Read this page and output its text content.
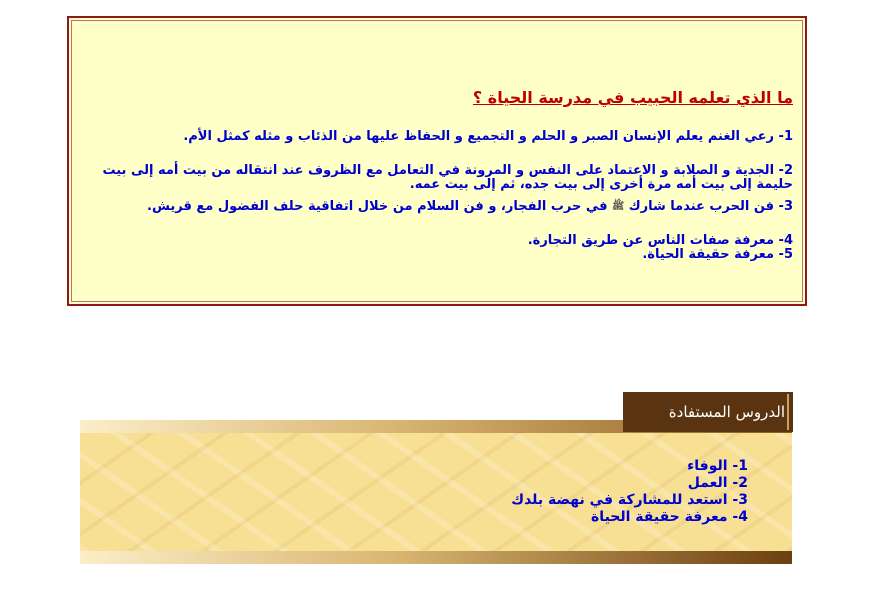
ما الذي تعلمه الحبيب في مدرسة الحياة ؟

1- رعي الغنم يعلم الإنسان الصبر و الحلم و التجميع و الحفاظ عليها من الذئاب و مثله كمثل الأم.
2- الجدية و الصلابة و الاعتماد على النفس و المرونة في التعامل مع الظروف عند انتقاله من بيت أمه إلى بيت حليمة إلى بيت أمه مرة أخرى إلى بيت جده، ثم إلى بيت عمه.
3- فن الحرب عندما شارك ﷺ في حرب الفجار، و فن السلام من خلال اتفاقية حلف الفضول مع قريش.
4- معرفة صفات الناس عن طريق التجارة.
5- معرفة حقيقة الحياة.
الدروس المستفادة
1- الوفاء
2- العمل
3- استعد للمشاركة في نهضة بلدك
4- معرفة حقيقة الحياة
